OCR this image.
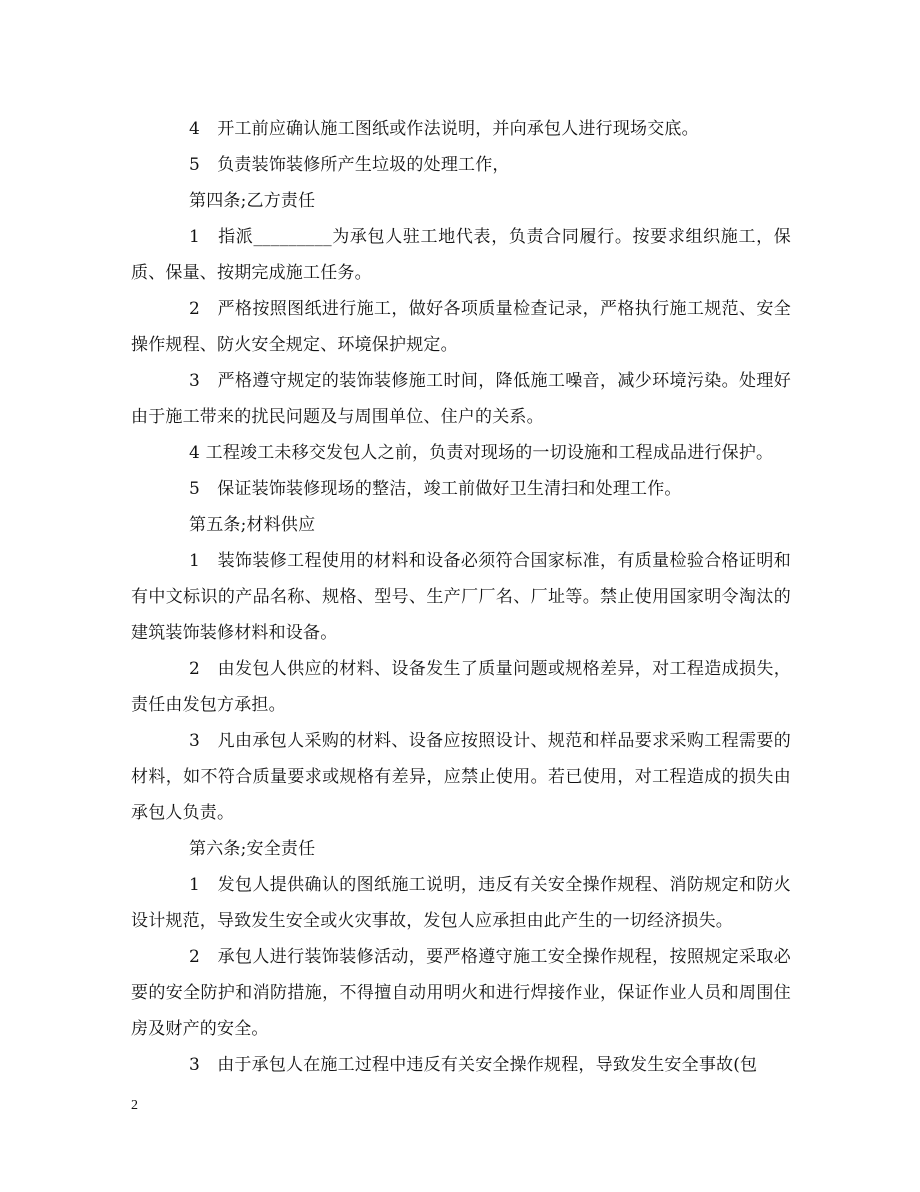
4　开工前应确认施工图纸或作法说明，并向承包人进行现场交底。

5　负责装饰装修所产生垃圾的处理工作，

第四条;乙方责任

1　指派_________为承包人驻工地代表，负责合同履行。按要求组织施工，保质、保量、按期完成施工任务。

2　严格按照图纸进行施工，做好各项质量检查记录，严格执行施工规范、安全操作规程、防火安全规定、环境保护规定。

3　严格遵守规定的装饰装修施工时间，降低施工噪音，减少环境污染。处理好由于施工带来的扰民问题及与周围单位、住户的关系。

4 工程竣工未移交发包人之前，负责对现场的一切设施和工程成品进行保护。

5　保证装饰装修现场的整洁，竣工前做好卫生清扫和处理工作。

第五条;材料供应

1　装饰装修工程使用的材料和设备必须符合国家标准，有质量检验合格证明和有中文标识的产品名称、规格、型号、生产厂厂名、厂址等。禁止使用国家明令淘汰的建筑装饰装修材料和设备。

2　由发包人供应的材料、设备发生了质量问题或规格差异，对工程造成损失，责任由发包方承担。

3　凡由承包人采购的材料、设备应按照设计、规范和样品要求采购工程需要的材料，如不符合质量要求或规格有差异，应禁止使用。若已使用，对工程造成的损失由承包人负责。

第六条;安全责任

1　发包人提供确认的图纸施工说明，违反有关安全操作规程、消防规定和防火设计规范，导致发生安全或火灾事故，发包人应承担由此产生的一切经济损失。

2　承包人进行装饰装修活动，要严格遵守施工安全操作规程，按照规定采取必要的安全防护和消防措施，不得擅自动用明火和进行焊接作业，保证作业人员和周围住房及财产的安全。

3　由于承包人在施工过程中违反有关安全操作规程，导致发生安全事故(包

2
